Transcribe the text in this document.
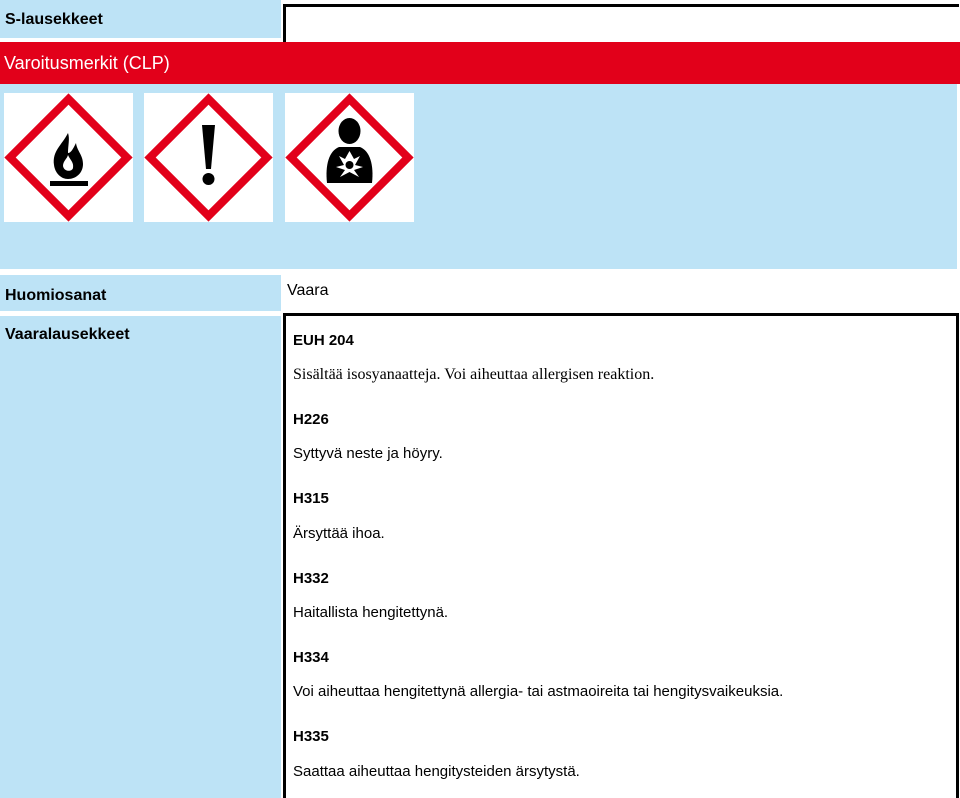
S-lausekkeet
Varoitusmerkit (CLP)
Huomiosanat	Vaara
Vaaralausekkeet	EUH 204
Sisältää isosyanaatteja. Voi aiheuttaa allergisen reaktion.
H226
Syttyvä neste ja höyry.
H315
Ärsyttää ihoa.
H332
Haitallista hengitettynä.
H334
Voi aiheuttaa hengitettynä allergia- tai astmaoireita tai hengitysvaikeuksia.
H335
Saattaa aiheuttaa hengitysteiden ärsytystä.
